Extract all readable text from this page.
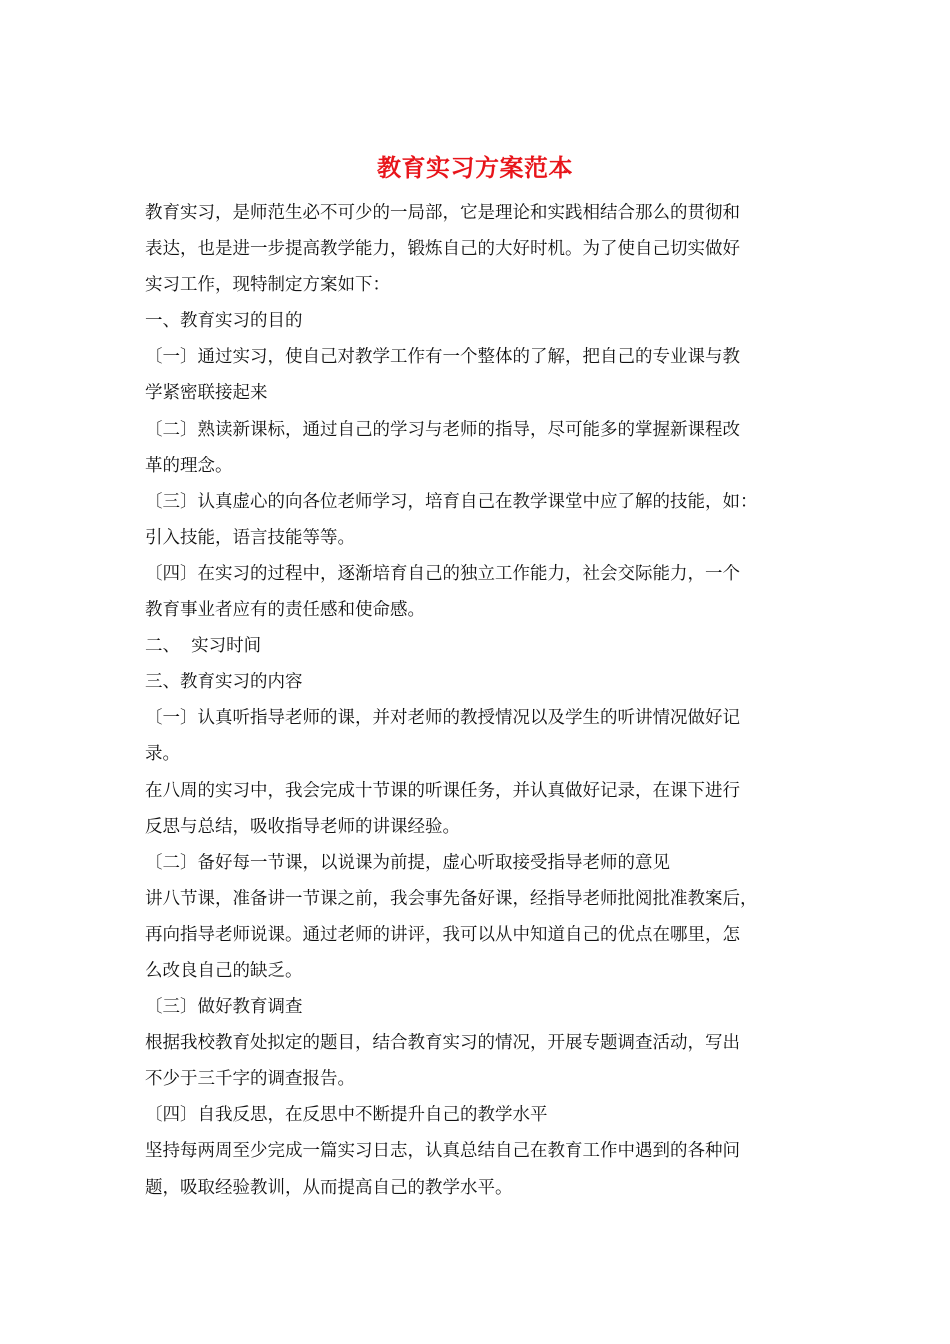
教育实习方案范本
教育实习，是师范生必不可少的一局部，它是理论和实践相结合那么的贯彻和
表达，也是进一步提高教学能力，锻炼自己的大好时机。为了使自己切实做好
实习工作，现特制定方案如下：
一、教育实习的目的
〔一〕通过实习，使自己对教学工作有一个整体的了解，把自己的专业课与教
学紧密联接起来
〔二〕熟读新课标，通过自己的学习与老师的指导，尽可能多的掌握新课程改
革的理念。
〔三〕认真虚心的向各位老师学习，培育自己在教学课堂中应了解的技能，如：
引入技能，语言技能等等。
〔四〕在实习的过程中，逐渐培育自己的独立工作能力，社会交际能力，一个
教育事业者应有的责任感和使命感。
二、  实习时间
三、教育实习的内容
〔一〕认真听指导老师的课，并对老师的教授情况以及学生的听讲情况做好记
录。
在八周的实习中，我会完成十节课的听课任务，并认真做好记录，在课下进行
反思与总结，吸收指导老师的讲课经验。
〔二〕备好每一节课，以说课为前提，虚心听取接受指导老师的意见
讲八节课，准备讲一节课之前，我会事先备好课，经指导老师批阅批准教案后，
再向指导老师说课。通过老师的讲评，我可以从中知道自己的优点在哪里，怎
么改良自己的缺乏。
〔三〕做好教育调查
根据我校教育处拟定的题目，结合教育实习的情况，开展专题调查活动，写出
不少于三千字的调查报告。
〔四〕自我反思，在反思中不断提升自己的教学水平
坚持每两周至少完成一篇实习日志，认真总结自己在教育工作中遇到的各种问
题，吸取经验教训，从而提高自己的教学水平。
